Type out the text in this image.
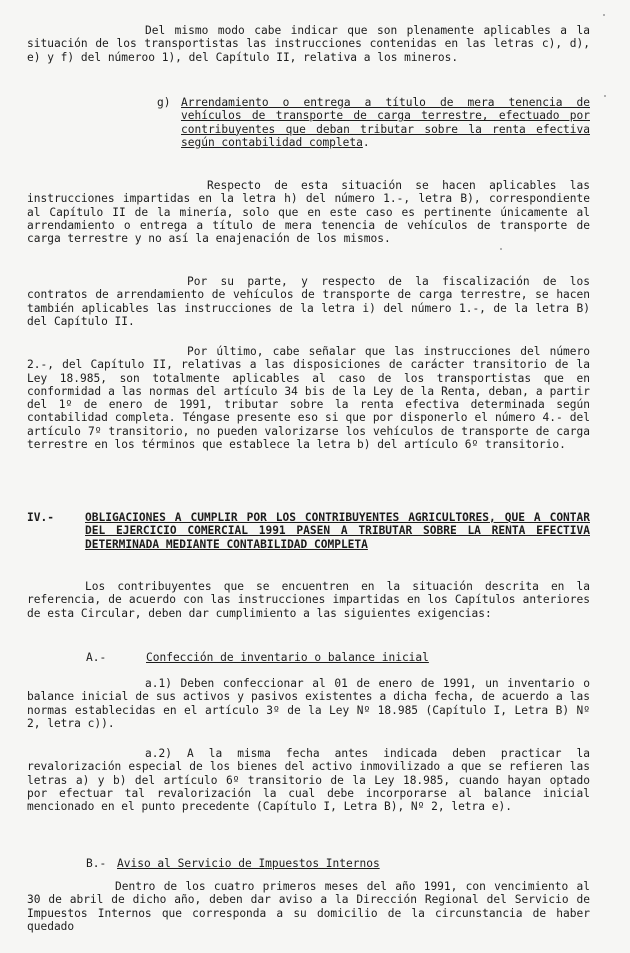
Del mismo modo cabe indicar que son plenamente aplicables a la situación de los transportistas las instrucciones contenidas en las letras c), d), e) y f) del númeroo 1), del Capítulo II, relativa a los mineros.

g) Arrendamiento o entrega a título de mera tenencia de vehículos de transporte de carga terrestre, efectuado por contribuyentes que deban tributar sobre la renta efectiva según contabilidad completa.

Respecto de esta situación se hacen aplicables las instrucciones impartidas en la letra h) del número 1.-, letra B), correspondiente al Capítulo II de la minería, solo que en este caso es pertinente únicamente al arrendamiento o entrega a título de mera tenencia de vehículos de transporte de carga terrestre y no así la enajenación de los mismos.

Por su parte, y respecto de la fiscalización de los contratos de arrendamiento de vehículos de transporte de carga terrestre, se hacen también aplicables las instrucciones de la letra i) del número 1.-, de la letra B) del Capítulo II.

Por último, cabe señalar que las instrucciones del número 2.-, del Capítulo II, relativas a las disposiciones de carácter transitorio de la Ley 18.985, son totalmente aplicables al caso de los transportistas que en conformidad a las normas del artículo 34 bis de la Ley de la Renta, deban, a partir del 1º de enero de 1991, tributar sobre la renta efectiva determinada según contabilidad completa. Téngase presente eso si que por disponerlo el número 4.- del artículo 7º transitorio, no pueden valorizarse los vehículos de transporte de carga terrestre en los términos que establece la letra b) del artículo 6º transitorio.

IV.-	OBLIGACIONES A CUMPLIR POR LOS CONTRIBUYENTES AGRICULTORES, QUE A CONTAR DEL EJERCICIO COMERCIAL 1991 PASEN A TRIBUTAR SOBRE LA RENTA EFECTIVA DETERMINADA MEDIANTE CONTABILIDAD COMPLETA

Los contribuyentes que se encuentren en la situación descrita en la referencia, de acuerdo con las instrucciones impartidas en los Capítulos anteriores de esta Circular, deben dar cumplimiento a las siguientes exigencias:

A.-	Confección de inventario o balance inicial

a.1) Deben confeccionar al 01 de enero de 1991, un inventario o balance inicial de sus activos y pasivos existentes a dicha fecha, de acuerdo a las normas establecidas en el artículo 3º de la Ley Nº 18.985 (Capítulo I, Letra B) Nº 2, letra c)).

a.2) A la misma fecha antes indicada deben practicar la revalorización especial de los bienes del activo inmovilizado a que se refieren las letras a) y b) del artículo 6º transitorio de la Ley 18.985, cuando hayan optado por efectuar tal revalorización la cual debe incorporarse al balance inicial mencionado en el punto precedente (Capítulo I, Letra B), Nº 2, letra e).

B.- Aviso al Servicio de Impuestos Internos

Dentro de los cuatro primeros meses del año 1991, con vencimiento al 30 de abril de dicho año, deben dar aviso a la Dirección Regional del Servicio de Impuestos Internos que corresponda a su domicilio de la circunstancia de haber quedado
